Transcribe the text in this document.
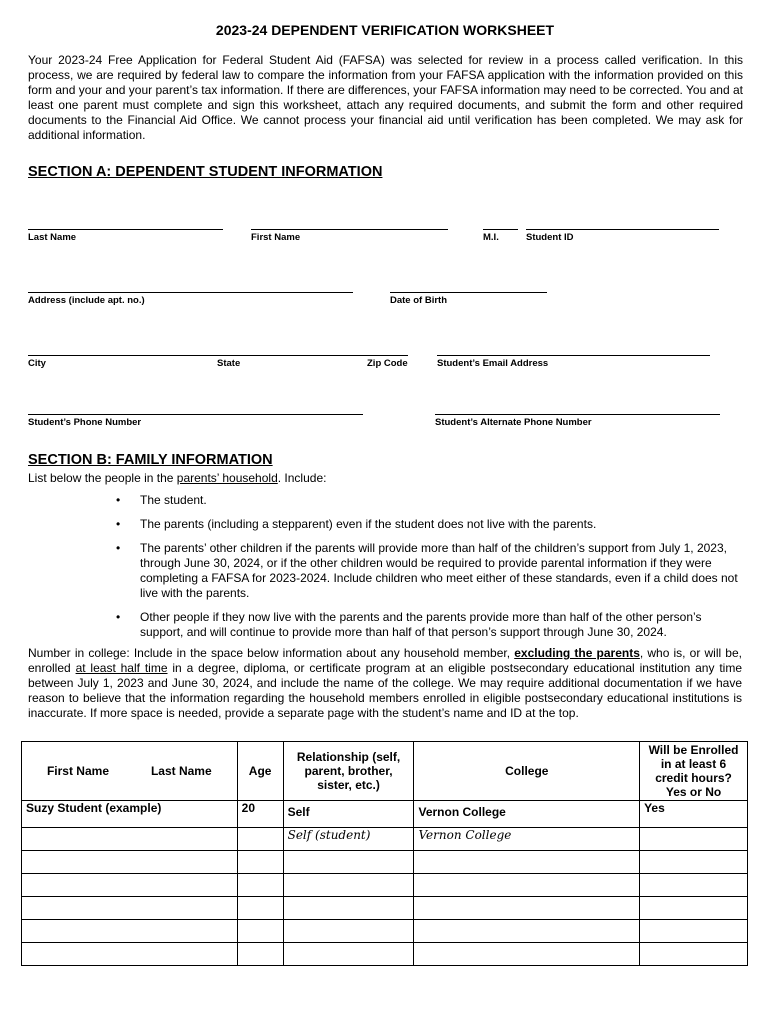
2023-24 DEPENDENT VERIFICATION WORKSHEET
Your 2023-24 Free Application for Federal Student Aid (FAFSA) was selected for review in a process called verification. In this process, we are required by federal law to compare the information from your FAFSA application with the information provided on this form and your and your parent’s tax information. If there are differences, your FAFSA information may need to be corrected. You and at least one parent must complete and sign this worksheet, attach any required documents, and submit the form and other required documents to the Financial Aid Office. We cannot process your financial aid until verification has been completed. We may ask for additional information.
SECTION A: DEPENDENT STUDENT INFORMATION
Last Name	First Name	M.I.	Student ID
Address (include apt. no.)	Date of Birth
City	State	Zip Code	Student’s Email Address
Student’s Phone Number	Student’s Alternate Phone Number
SECTION B: FAMILY INFORMATION
List below the people in the parents’ household. Include:
• The student.
• The parents (including a stepparent) even if the student does not live with the parents.
• The parents’ other children if the parents will provide more than half of the children’s support from July 1, 2023, through June 30, 2024, or if the other children would be required to provide parental information if they were completing a FAFSA for 2023-2024. Include children who meet either of these standards, even if a child does not live with the parents.
• Other people if they now live with the parents and the parents provide more than half of the other person’s support, and will continue to provide more than half of that person’s support through June 30, 2024.
Number in college: Include in the space below information about any household member, excluding the parents, who is, or will be, enrolled at least half time in a degree, diploma, or certificate program at an eligible postsecondary educational institution any time between July 1, 2023 and June 30, 2024, and include the name of the college. We may require additional documentation if we have reason to believe that the information regarding the household members enrolled in eligible postsecondary educational institutions is inaccurate. If more space is needed, provide a separate page with the student’s name and ID at the top.
First Name Last Name	Age	Relationship (self, parent, brother, sister, etc.)	College	Will be Enrolled in at least 6 credit hours? Yes or No
Suzy Student (example)	20	Self	Vernon College	Yes
		Self (student)	Vernon College	
